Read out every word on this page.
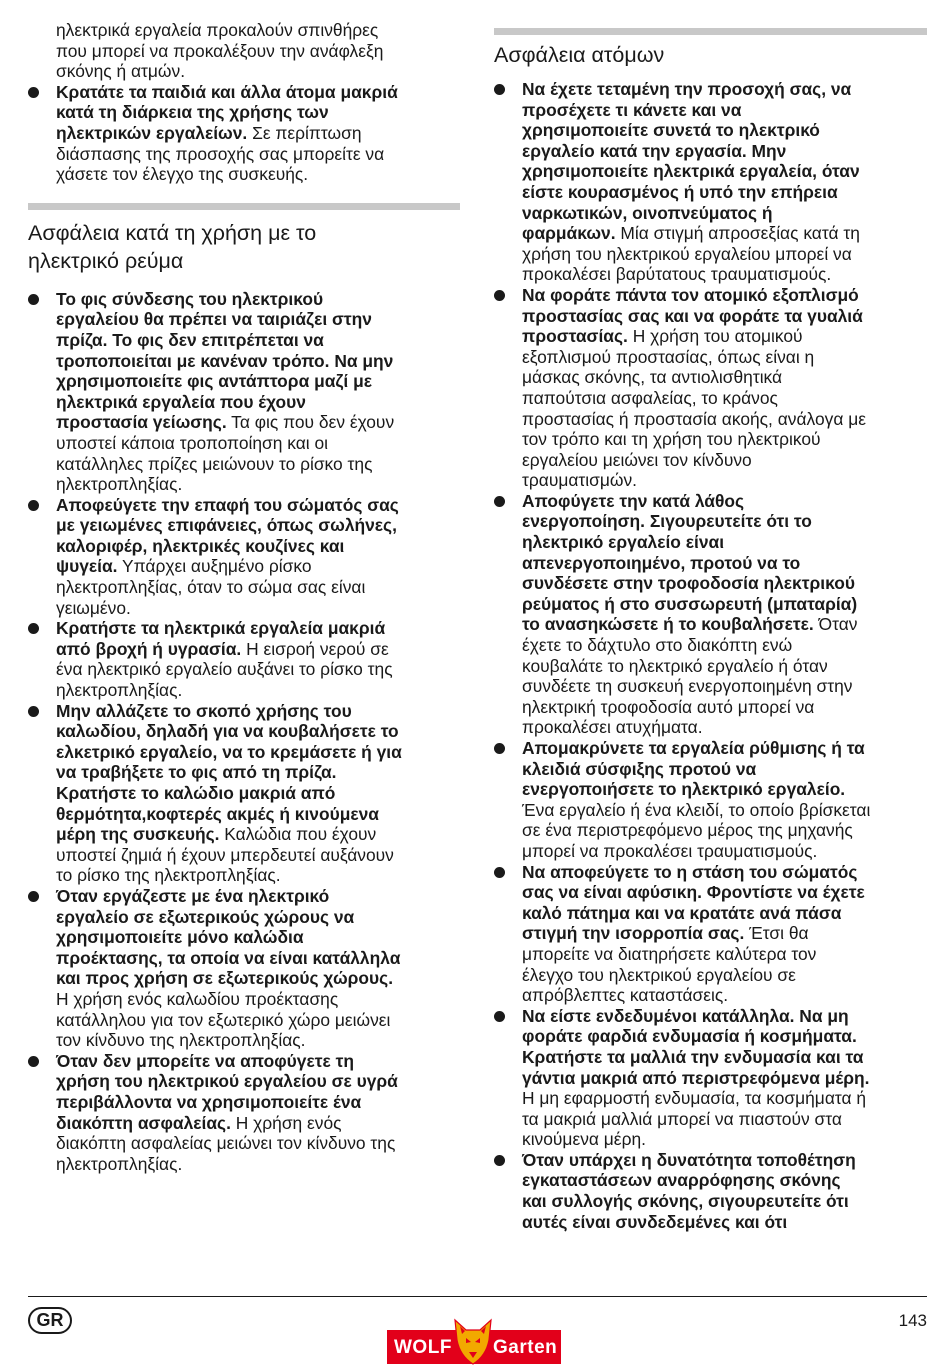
ηλεκτρικά εργαλεία προκαλούν σπινθήρες
που μπορεί να προκαλέξουν την ανάφλεξη
σκόνης ή ατμών.

Κρατάτε τα παιδιά και άλλα άτομα μακριά
κατά τη διάρκεια της χρήσης των
ηλεκτρικών εργαλείων. Σε περίπτωση
διάσπασης της προσοχής σας μπορείτε να
χάσετε τον έλεγχο της συσκευής.
Ασφάλεια κατά τη χρήση με το
ηλεκτρικό ρεύμα
Το φις σύνδεσης του ηλεκτρικού
εργαλείου θα πρέπει να ταιριάζει στην
πρίζα. Το φις δεν επιτρέπεται να
τροποποιείται με κανέναν τρόπο. Να μην
χρησιμοποιείτε φις αντάπτορα μαζί με
ηλεκτρικά εργαλεία που έχουν
προστασία γείωσης. Τα φις που δεν έχουν
υποστεί κάποια τροποποίηση και οι
κατάλληλες πρίζες μειώνουν το ρίσκο της
ηλεκτροπληξίας.
Αποφεύγετε την επαφή του σώματός σας
με γειωμένες επιφάνειες, όπως σωλήνες,
καλοριφέρ, ηλεκτρικές κουζίνες και
ψυγεία. Υπάρχει αυξημένο ρίσκο
ηλεκτροπληξίας, όταν το σώμα σας είναι
γειωμένο.
Κρατήστε τα ηλεκτρικά εργαλεία μακριά
από βροχή ή υγρασία. Η εισροή νερού σε
ένα ηλεκτρικό εργαλείο αυξάνει το ρίσκο της
ηλεκτροπληξίας.
Μην αλλάζετε το σκοπό χρήσης του
καλωδίου, δηλαδή για να κουβαλήσετε το
ελκετρικό εργαλείο, να το κρεμάσετε ή για
να τραβήξετε το φις από τη πρίζα.
Κρατήστε το καλώδιο μακριά από
θερμότητα,κοφτερές ακμές ή κινούμενα
μέρη της συσκευής. Καλώδια που έχουν
υποστεί ζημιά ή έχουν μπερδευτεί αυξάνουν
το ρίσκο της ηλεκτροπληξίας.
Όταν εργάζεστε με ένα ηλεκτρικό
εργαλείο σε εξωτερικούς χώρους να
χρησιμοποιείτε μόνο καλώδια
προέκτασης, τα οποία να είναι κατάλληλα
και προς χρήση σε εξωτερικούς χώρους.
Η χρήση ενός καλωδίου προέκτασης
κατάλληλου για τον εξωτερικό χώρο μειώνει
τον κίνδυνο της ηλεκτροπληξίας.
Όταν δεν μπορείτε να αποφύγετε τη
χρήση του ηλεκτρικού εργαλείου σε υγρά
περιβάλλοντα να χρησιμοποιείτε ένα
διακόπτη ασφαλείας. Η χρήση ενός
διακόπτη ασφαλείας μειώνει τον κίνδυνο της
ηλεκτροπληξίας.
Ασφάλεια ατόμων
Να έχετε τεταμένη την προσοχή σας, να
προσέχετε τι κάνετε και να
χρησιμοποιείτε συνετά το ηλεκτρικό
εργαλείο κατά την εργασία. Μην
χρησιμοποιείτε ηλεκτρικά εργαλεία, όταν
είστε κουρασμένος ή υπό την επήρεια
ναρκωτικών, οινοπνεύματος ή
φαρμάκων. Μία στιγμή απροσεξίας κατά τη
χρήση του ηλεκτρικού εργαλείου μπορεί να
προκαλέσει βαρύτατους τραυματισμούς.
Να φοράτε πάντα τον ατομικό εξοπλισμό
προστασίας σας και να φοράτε τα γυαλιά
προστασίας. Η χρήση του ατομικού
εξοπλισμού προστασίας, όπως είναι η
μάσκας σκόνης, τα αντιολισθητικά
παπούτσια ασφαλείας, το κράνος
προστασίας ή προστασία ακοής, ανάλογα με
τον τρόπο και τη χρήση του ηλεκτρικού
εργαλείου μειώνει τον κίνδυνο
τραυματισμών.
Αποφύγετε την κατά λάθος
ενεργοποίηση. Σιγουρευτείτε ότι το
ηλεκτρικό εργαλείο είναι
απενεργοποιημένο, προτού να το
συνδέσετε στην τροφοδοσία ηλεκτρικού
ρεύματος ή στο συσσωρευτή (μπαταρία)
το ανασηκώσετε ή το κουβαλήσετε. Όταν
έχετε το δάχτυλο στο διακόπτη ενώ
κουβαλάτε το ηλεκτρικό εργαλείο ή όταν
συνδέετε τη συσκευή ενεργοποιημένη στην
ηλεκτρική τροφοδοσία αυτό μπορεί να
προκαλέσει ατυχήματα.
Απομακρύνετε τα εργαλεία ρύθμισης ή τα
κλειδιά σύσφιξης προτού να
ενεργοποιήσετε το ηλεκτρικό εργαλείο.
Ένα εργαλείο ή ένα κλειδί, το οποίο βρίσκεται
σε ένα περιστρεφόμενο μέρος της μηχανής
μπορεί να προκαλέσει τραυματισμούς.
Να αποφεύγετε το η στάση του σώματός
σας να είναι αφύσικη. Φροντίστε να έχετε
καλό πάτημα και να κρατάτε ανά πάσα
στιγμή την ισορροπία σας. Έτσι θα
μπορείτε να διατηρήσετε καλύτερα τον
έλεγχο του ηλεκτρικού εργαλείου σε
απρόβλεπτες καταστάσεις.
Να είστε ενδεδυμένοι κατάλληλα. Να μη
φοράτε φαρδιά ενδυμασία ή κοσμήματα.
Κρατήστε τα μαλλιά την ενδυμασία και τα
γάντια μακριά από περιστρεφόμενα μέρη.
Η μη εφαρμοστή ενδυμασία, τα κοσμήματα ή
τα μακριά μαλλιά μπορεί να πιαστούν στα
κινούμενα μέρη.
Όταν υπάρχει η δυνατότητα τοποθέτηση
εγκαταστάσεων αναρρόφησης σκόνης
και συλλογής σκόνης, σιγουρευτείτε ότι
αυτές είναι συνδεδεμένες και ότι
GR	143
WOLF Garten
